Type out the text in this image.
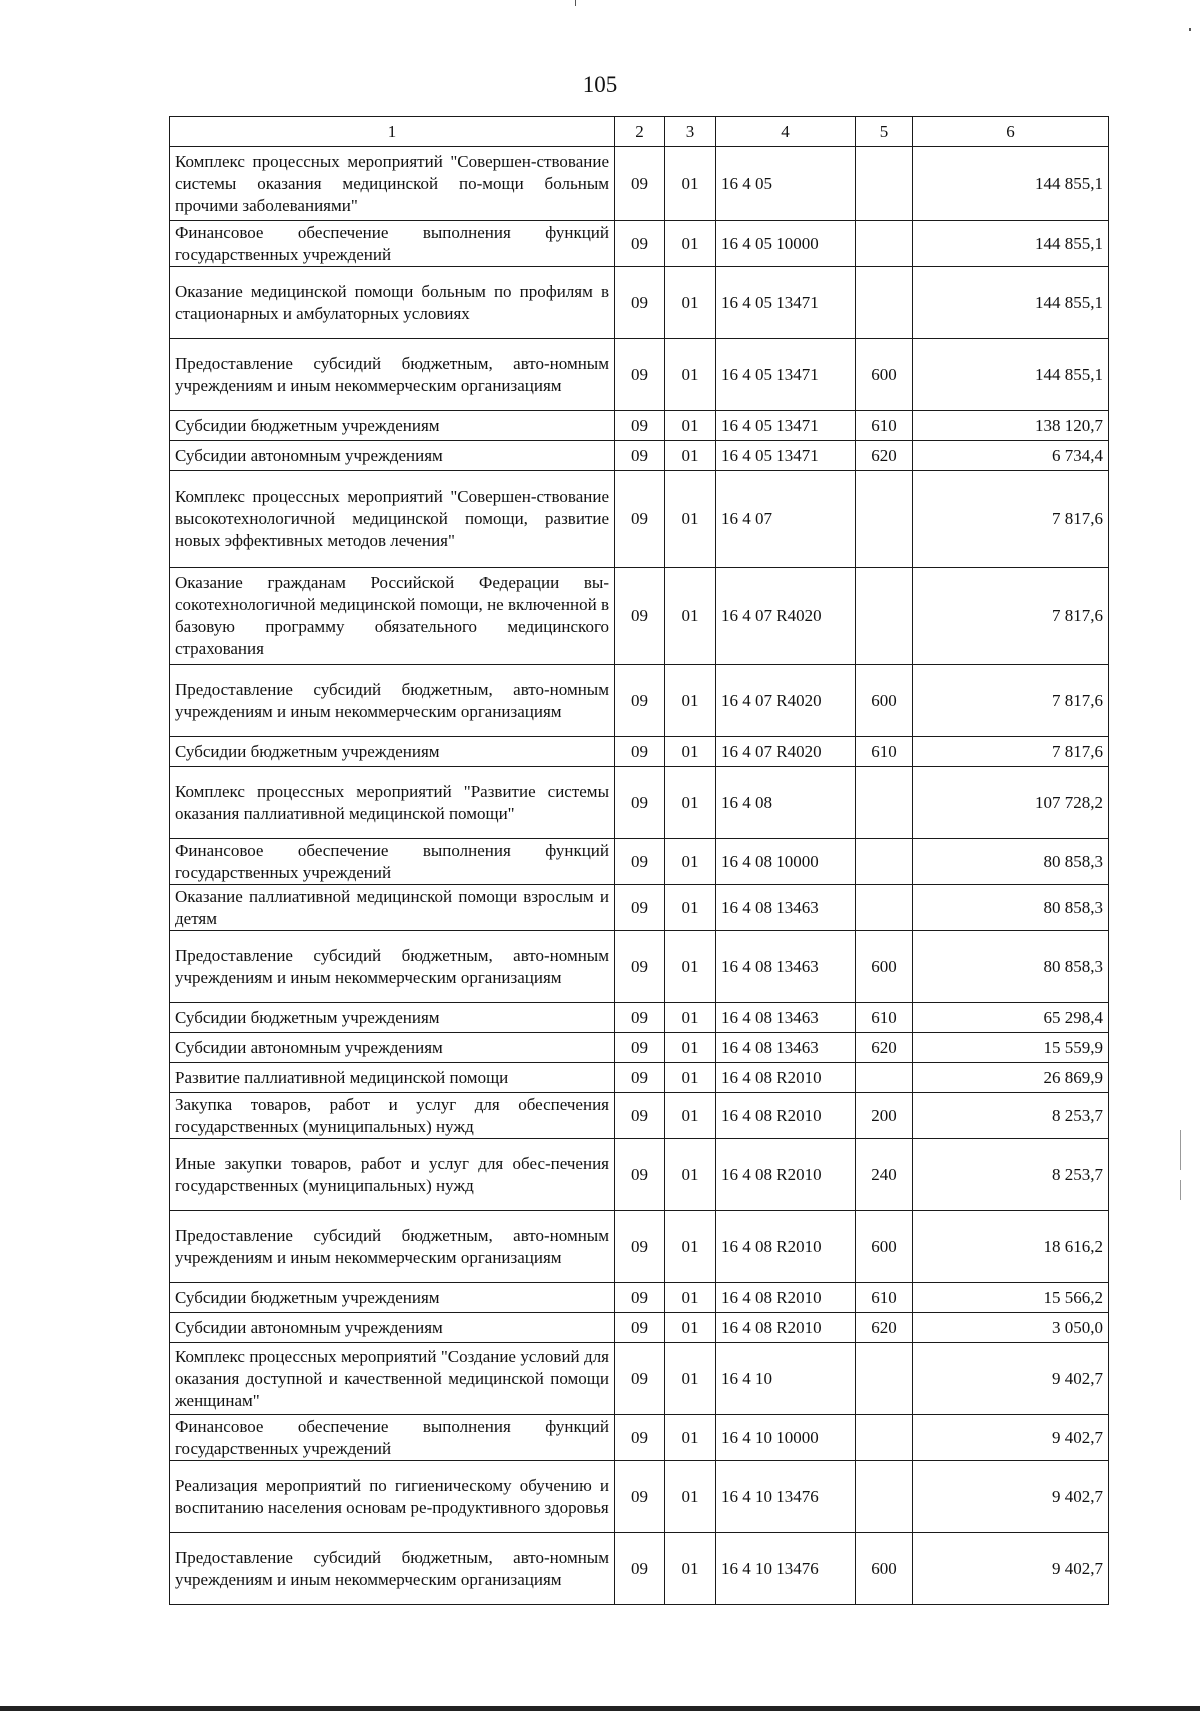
105
1	2	3	4	5	6
Комплекс процессных мероприятий "Совершен-ствование системы оказания медицинской по-мощи больным прочими заболеваниями"	09	01	16 4 05		144 855,1
Финансовое обеспечение выполнения функций государственных учреждений	09	01	16 4 05 10000		144 855,1
Оказание медицинской помощи больным по профилям в стационарных и амбулаторных условиях	09	01	16 4 05 13471		144 855,1
Предоставление субсидий бюджетным, авто-номным учреждениям и иным некоммерческим организациям	09	01	16 4 05 13471	600	144 855,1
Субсидии бюджетным учреждениям	09	01	16 4 05 13471	610	138 120,7
Субсидии автономным учреждениям	09	01	16 4 05 13471	620	6 734,4
Комплекс процессных мероприятий "Совершен-ствование высокотехнологичной медицинской помощи, развитие новых эффективных методов лечения"	09	01	16 4 07		7 817,6
Оказание гражданам Российской Федерации вы-сокотехнологичной медицинской помощи, не включенной в базовую программу обязательного медицинского страхования	09	01	16 4 07 R4020		7 817,6
Предоставление субсидий бюджетным, авто-номным учреждениям и иным некоммерческим организациям	09	01	16 4 07 R4020	600	7 817,6
Субсидии бюджетным учреждениям	09	01	16 4 07 R4020	610	7 817,6
Комплекс процессных мероприятий "Развитие системы оказания паллиативной медицинской помощи"	09	01	16 4 08		107 728,2
Финансовое обеспечение выполнения функций государственных учреждений	09	01	16 4 08 10000		80 858,3
Оказание паллиативной медицинской помощи взрослым и детям	09	01	16 4 08 13463		80 858,3
Предоставление субсидий бюджетным, авто-номным учреждениям и иным некоммерческим организациям	09	01	16 4 08 13463	600	80 858,3
Субсидии бюджетным учреждениям	09	01	16 4 08 13463	610	65 298,4
Субсидии автономным учреждениям	09	01	16 4 08 13463	620	15 559,9
Развитие паллиативной медицинской помощи	09	01	16 4 08 R2010		26 869,9
Закупка товаров, работ и услуг для обеспечения государственных (муниципальных) нужд	09	01	16 4 08 R2010	200	8 253,7
Иные закупки товаров, работ и услуг для обес-печения государственных (муниципальных) нужд	09	01	16 4 08 R2010	240	8 253,7
Предоставление субсидий бюджетным, авто-номным учреждениям и иным некоммерческим организациям	09	01	16 4 08 R2010	600	18 616,2
Субсидии бюджетным учреждениям	09	01	16 4 08 R2010	610	15 566,2
Субсидии автономным учреждениям	09	01	16 4 08 R2010	620	3 050,0
Комплекс процессных мероприятий "Создание условий для оказания доступной и качественной медицинской помощи женщинам"	09	01	16 4 10		9 402,7
Финансовое обеспечение выполнения функций государственных учреждений	09	01	16 4 10 10000		9 402,7
Реализация мероприятий по гигиеническому обучению и воспитанию населения основам ре-продуктивного здоровья	09	01	16 4 10 13476		9 402,7
Предоставление субсидий бюджетным, авто-номным учреждениям и иным некоммерческим организациям	09	01	16 4 10 13476	600	9 402,7
